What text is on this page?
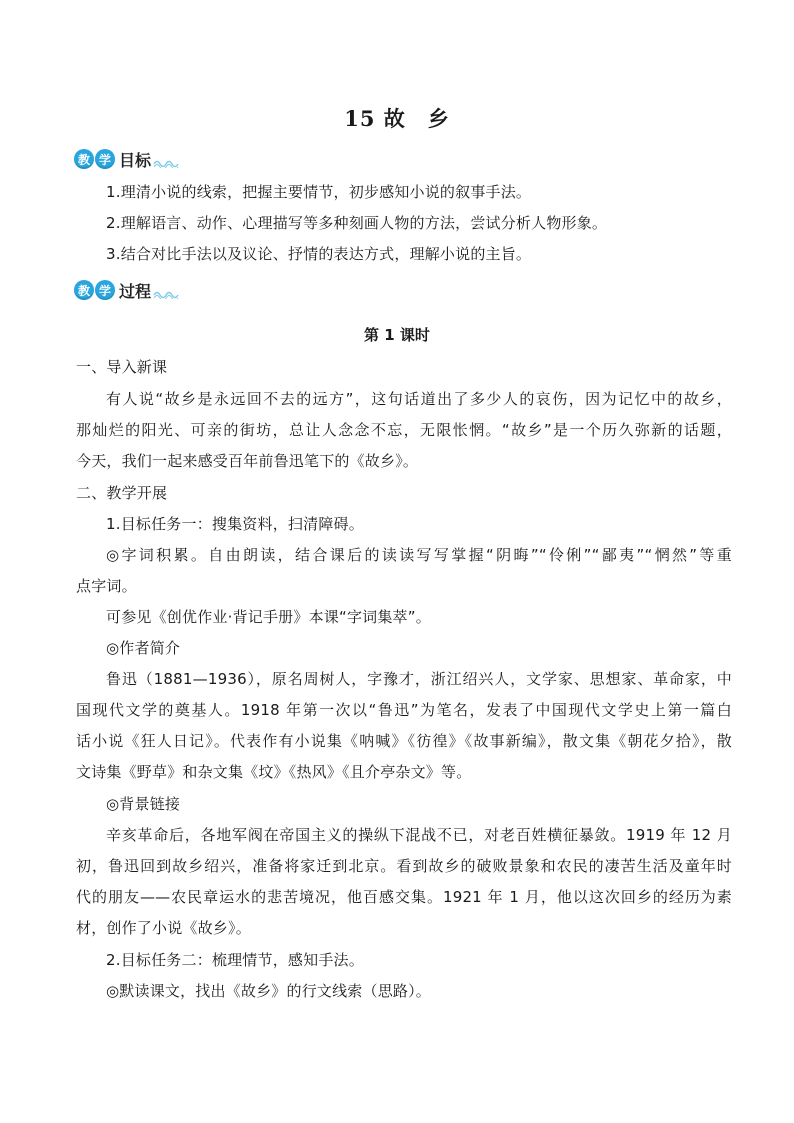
15 故　乡
教 学 目标
1.理清小说的线索，把握主要情节，初步感知小说的叙事手法。
2.理解语言、动作、心理描写等多种刻画人物的方法，尝试分析人物形象。
3.结合对比手法以及议论、抒情的表达方式，理解小说的主旨。
教 学 过程
第 1 课时
一、导入新课
有人说“故乡是永远回不去的远方”，这句话道出了多少人的哀伤，因为记忆中的故乡，
那灿烂的阳光、可亲的街坊，总让人念念不忘，无限怅惘。“故乡”是一个历久弥新的话题，
今天，我们一起来感受百年前鲁迅笔下的《故乡》。
二、教学开展
1.目标任务一：搜集资料，扫清障碍。
◎字词积累。自由朗读，结合课后的读读写写掌握“阴晦”“伶俐”“鄙夷”“惘然”等重
点字词。
可参见《创优作业·背记手册》本课“字词集萃”。
◎作者简介
鲁迅（1881—1936），原名周树人，字豫才，浙江绍兴人，文学家、思想家、革命家，中
国现代文学的奠基人。1918 年第一次以“鲁迅”为笔名，发表了中国现代文学史上第一篇白
话小说《狂人日记》。代表作有小说集《呐喊》《彷徨》《故事新编》，散文集《朝花夕拾》，散
文诗集《野草》和杂文集《坟》《热风》《且介亭杂文》等。
◎背景链接
辛亥革命后，各地军阀在帝国主义的操纵下混战不已，对老百姓横征暴敛。1919 年 12 月
初，鲁迅回到故乡绍兴，准备将家迁到北京。看到故乡的破败景象和农民的凄苦生活及童年时
代的朋友——农民章运水的悲苦境况，他百感交集。1921 年 1 月，他以这次回乡的经历为素
材，创作了小说《故乡》。
2.目标任务二：梳理情节，感知手法。
◎默读课文，找出《故乡》的行文线索（思路）。
